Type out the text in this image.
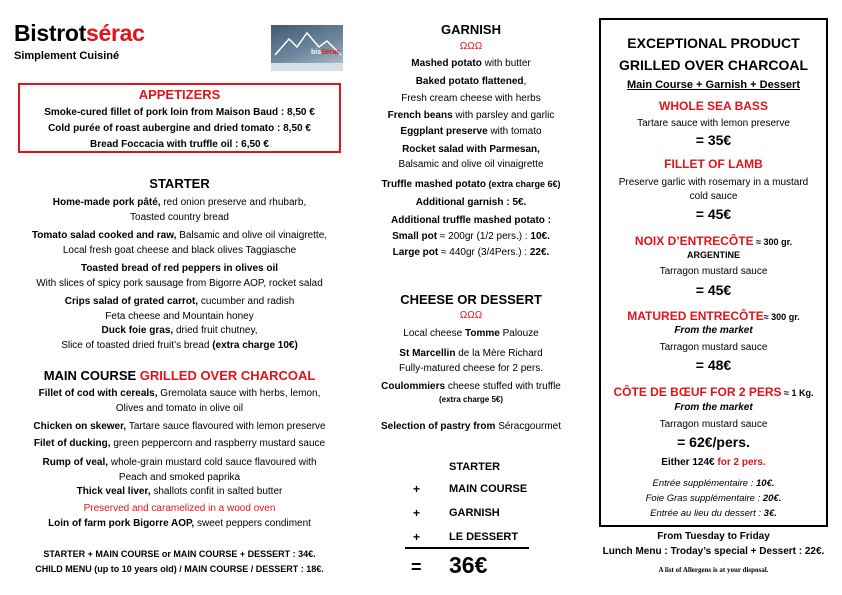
Bistrotsérac
Simplement Cuisiné	bisSérac
APPETIZERS
Smoke-cured fillet of pork loin from Maison Baud : 8,50 €
Cold purée of roast aubergine and dried tomato : 8,50 €
Bread Foccacia with truffle oil : 6,50 €
STARTER
Home-made pork pâté, red onion preserve and rhubarb,
Toasted country bread
Tomato salad cooked and raw, Balsamic and olive oil vinaigrette,
Local fresh goat cheese and black olives Taggiasche
Toasted bread of red peppers in olives oil
With slices of spicy pork sausage from Bigorre AOP, rocket salad
Crips salad of grated carrot, cucumber and radish
Feta cheese and Mountain honey
Duck foie gras, dried fruit chutney,
Slice of toasted dried fruit’s bread (extra charge 10€)
MAIN COURSE GRILLED OVER CHARCOAL
Fillet of cod with cereals, Gremolata sauce with herbs, lemon,
Olives and tomato in olive oil
Chicken on skewer, Tartare sauce flavoured with lemon preserve
Filet of ducking, green peppercorn and raspberry mustard sauce
Rump of veal, whole-grain mustard cold sauce flavoured with
Peach and smoked paprika
Thick veal liver, shallots confit in salted butter
Preserved and caramelized in a wood oven
Loin of farm pork Bigorre AOP, sweet peppers condiment
STARTER + MAIN COURSE or MAIN COURSE + DESSERT : 34€.
CHILD MENU (up to 10 years old) / MAIN COURSE / DESSERT : 18€.
GARNISH
ΩΩΩ
Mashed potato with butter
Baked potato flattened,
Fresh cream cheese with herbs
French beans with parsley and garlic
Eggplant preserve with tomato
Rocket salad with Parmesan,
Balsamic and olive oil vinaigrette
Truffle mashed potato (extra charge 6€)
Additional garnish : 5€.
Additional truffle mashed potato :
Small pot ≈ 200gr (1/2 pers.) : 10€.
Large pot ≈ 440gr (3/4Pers.) : 22€.
CHEESE OR DESSERT
ΩΩΩ
Local cheese Tomme Palouze
St Marcellin de la Mère Richard
Fully-matured cheese for 2 pers.
Coulommiers cheese stuffed with truffle
(extra charge 5€)
Selection of pastry from Séracgourmet
STARTER
+	MAIN COURSE
+	GARNISH
+	LE DESSERT
= 36€
EXCEPTIONAL PRODUCT
GRILLED OVER CHARCOAL
Main Course + Garnish + Dessert
WHOLE SEA BASS
Tartare sauce with lemon preserve
= 35€
FILLET OF LAMB
Preserve garlic with rosemary in a mustard
cold sauce
= 45€
NOIX D’ENTRECÔTE ≈ 300 gr.
ARGENTINE
Tarragon mustard sauce
= 45€
MATURED ENTRECÔTE≈ 300 gr.
From the market
Tarragon mustard sauce
= 48€
CÔTE DE BŒUF FOR 2 PERS ≈ 1 Kg.
From the market
Tarragon mustard sauce
= 62€/pers.
Either 124€ for 2 pers.
Entrée supplémentaire : 10€.
Foie Gras supplémentaire : 20€.
Entrée au lieu du dessert : 3€.
From Tuesday to Friday
Lunch Menu : Troday’s special + Dessert : 22€.
A list of Allergens is at your disposal.
